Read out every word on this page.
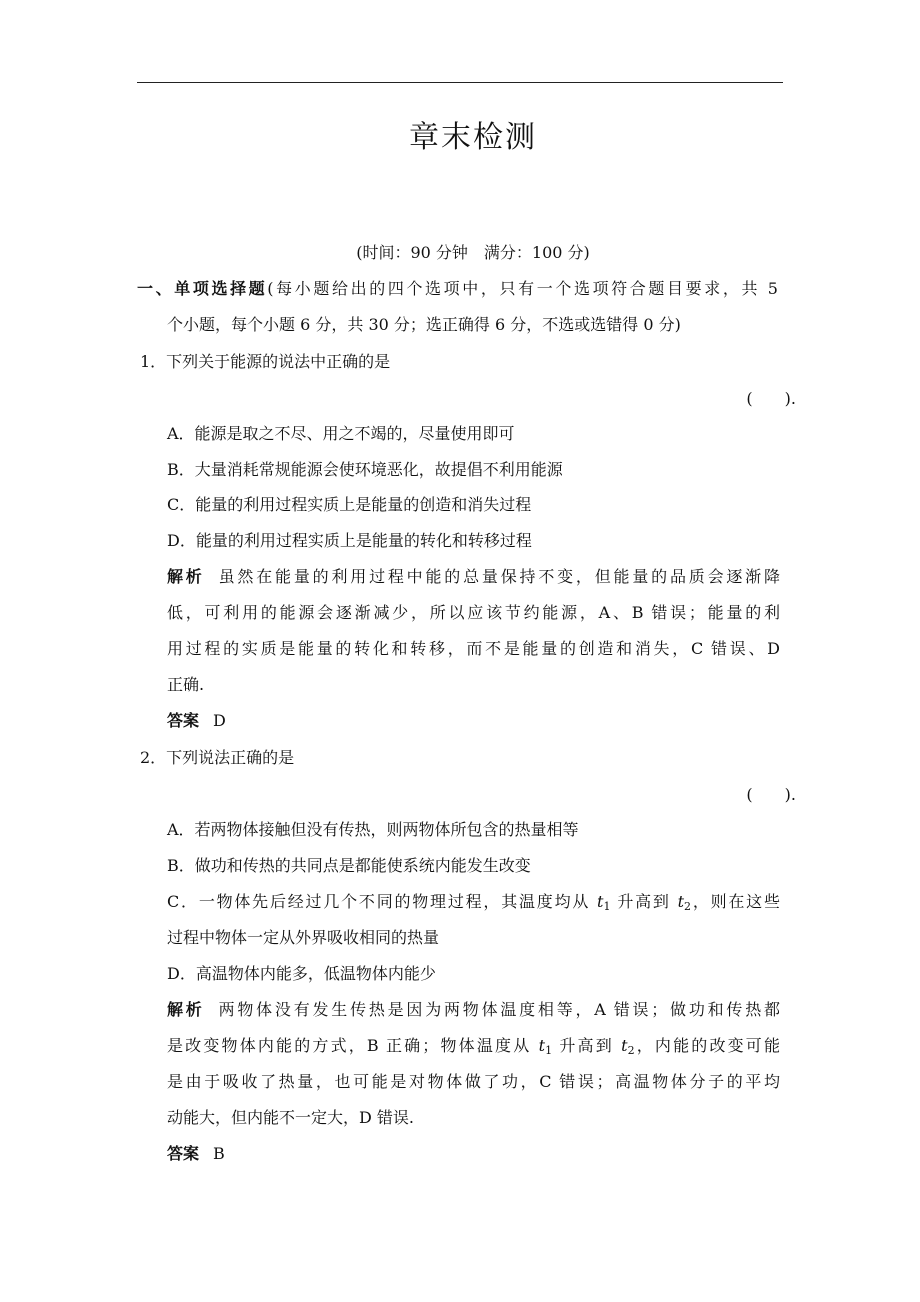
章末检测
(时间：90 分钟　满分：100 分)
一、单项选择题(每小题给出的四个选项中，只有一个选项符合题目要求，共 5
个小题，每个小题 6 分，共 30 分；选正确得 6 分，不选或选错得 0 分)
1．下列关于能源的说法中正确的是
(　　).
A．能源是取之不尽、用之不竭的，尽量使用即可
B．大量消耗常规能源会使环境恶化，故提倡不利用能源
C．能量的利用过程实质上是能量的创造和消失过程
D．能量的利用过程实质上是能量的转化和转移过程
解析 虽然在能量的利用过程中能的总量保持不变，但能量的品质会逐渐降
低，可利用的能源会逐渐减少，所以应该节约能源，A、B 错误；能量的利
用过程的实质是能量的转化和转移，而不是能量的创造和消失，C 错误、D
正确.
答案 D
2．下列说法正确的是
(　　).
A．若两物体接触但没有传热，则两物体所包含的热量相等
B．做功和传热的共同点是都能使系统内能发生改变
C．一物体先后经过几个不同的物理过程，其温度均从 $t_1$ 升高到 $t_2$，则在这些
过程中物体一定从外界吸收相同的热量
D．高温物体内能多，低温物体内能少
解析 两物体没有发生传热是因为两物体温度相等，A 错误；做功和传热都
是改变物体内能的方式，B 正确；物体温度从 $t_1$ 升高到 $t_2$，内能的改变可能
是由于吸收了热量，也可能是对物体做了功，C 错误；高温物体分子的平均
动能大，但内能不一定大，D 错误.
答案 B
